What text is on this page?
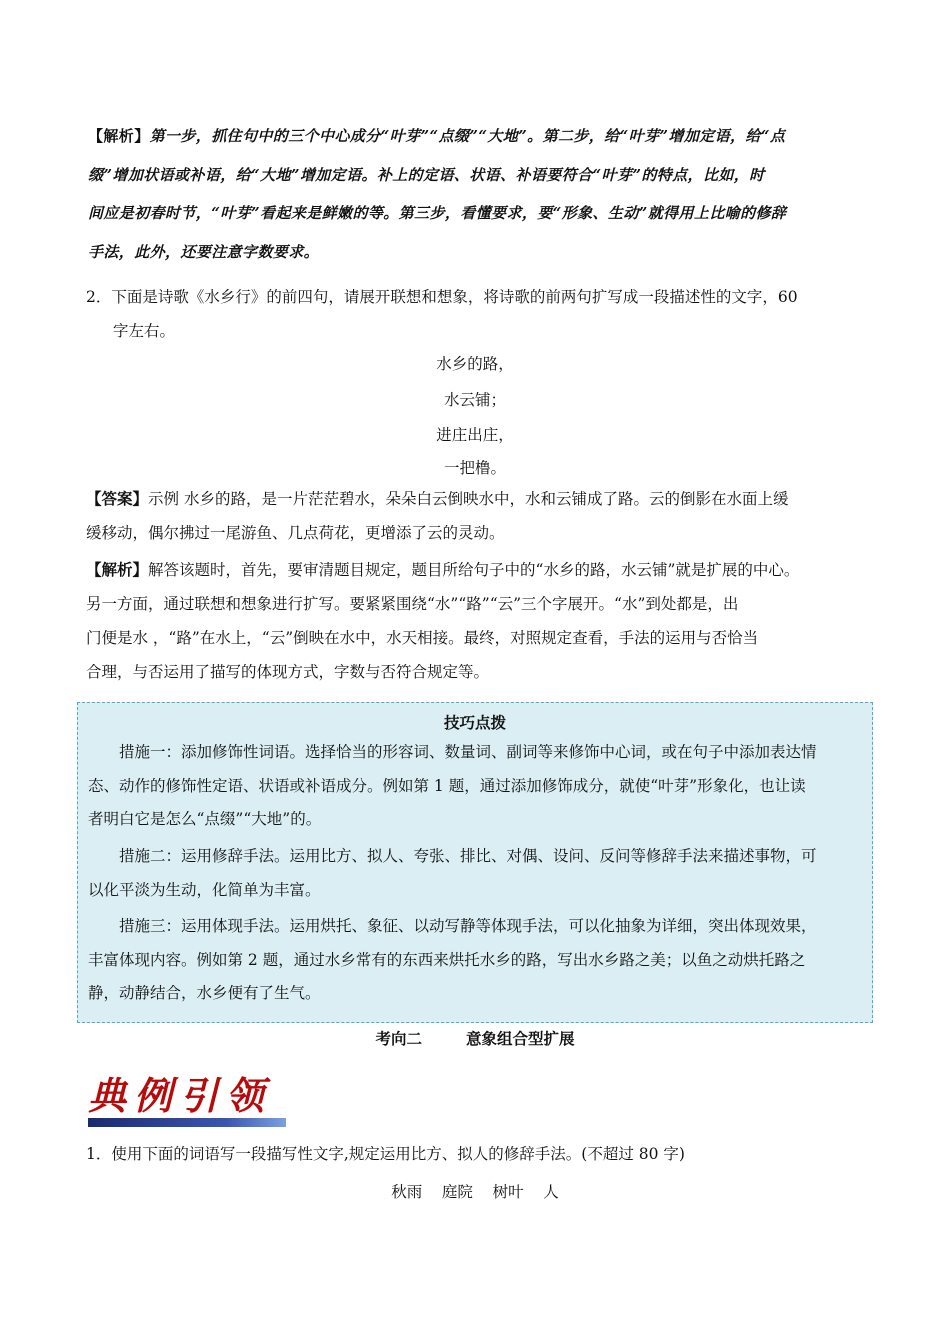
【解析】第一步，抓住句中的三个中心成分“叶芽”“点缀”“大地”。第二步，给“叶芽”增加定语，给“点
缀”增加状语或补语，给“大地”增加定语。补上的定语、状语、补语要符合“叶芽”的特点，比如，时
间应是初春时节，“叶芽”看起来是鲜嫩的等。第三步，看懂要求，要“形象、生动”就得用上比喻的修辞
手法，此外，还要注意字数要求。
2．下面是诗歌《水乡行》的前四句，请展开联想和想象，将诗歌的前两句扩写成一段描述性的文字，60
字左右。

水乡的路，

水云铺；

进庄出庄，

一把橹。

【答案】示例 水乡的路，是一片茫茫碧水，朵朵白云倒映水中，水和云铺成了路。云的倒影在水面上缓
缓移动，偶尔拂过一尾游鱼、几点荷花，更增添了云的灵动。
【解析】解答该题时，首先，要审清题目规定，题目所给句子中的“水乡的路，水云铺”就是扩展的中心。
另一方面，通过联想和想象进行扩写。要紧紧围绕“水”“路”“云”三个字展开。“水”到处都是，出
门便是水 ，“路”在水上，“云”倒映在水中，水天相接。最终，对照规定查看，手法的运用与否恰当
合理，与否运用了描写的体现方式，字数与否符合规定等。
技巧点拨
措施一：添加修饰性词语。选择恰当的形容词、数量词、副词等来修饰中心词，或在句子中添加表达情
态、动作的修饰性定语、状语或补语成分。例如第 1 题，通过添加修饰成分，就使“叶芽”形象化，也让读
者明白它是怎么“点缀”“大地”的。
措施二：运用修辞手法。运用比方、拟人、夸张、排比、对偶、设问、反问等修辞手法来描述事物，可
以化平淡为生动，化简单为丰富。
措施三：运用体现手法。运用烘托、象征、以动写静等体现手法，可以化抽象为详细，突出体现效果，
丰富体现内容。例如第 2 题，通过水乡常有的东西来烘托水乡的路，写出水乡路之美；以鱼之动烘托路之
静，动静结合，水乡便有了生气。
考向二	意象组合型扩展
典例引领
1．使用下面的词语写一段描写性文字,规定运用比方、拟人的修辞手法。(不超过 80 字)

秋雨    庭院    树叶    人
